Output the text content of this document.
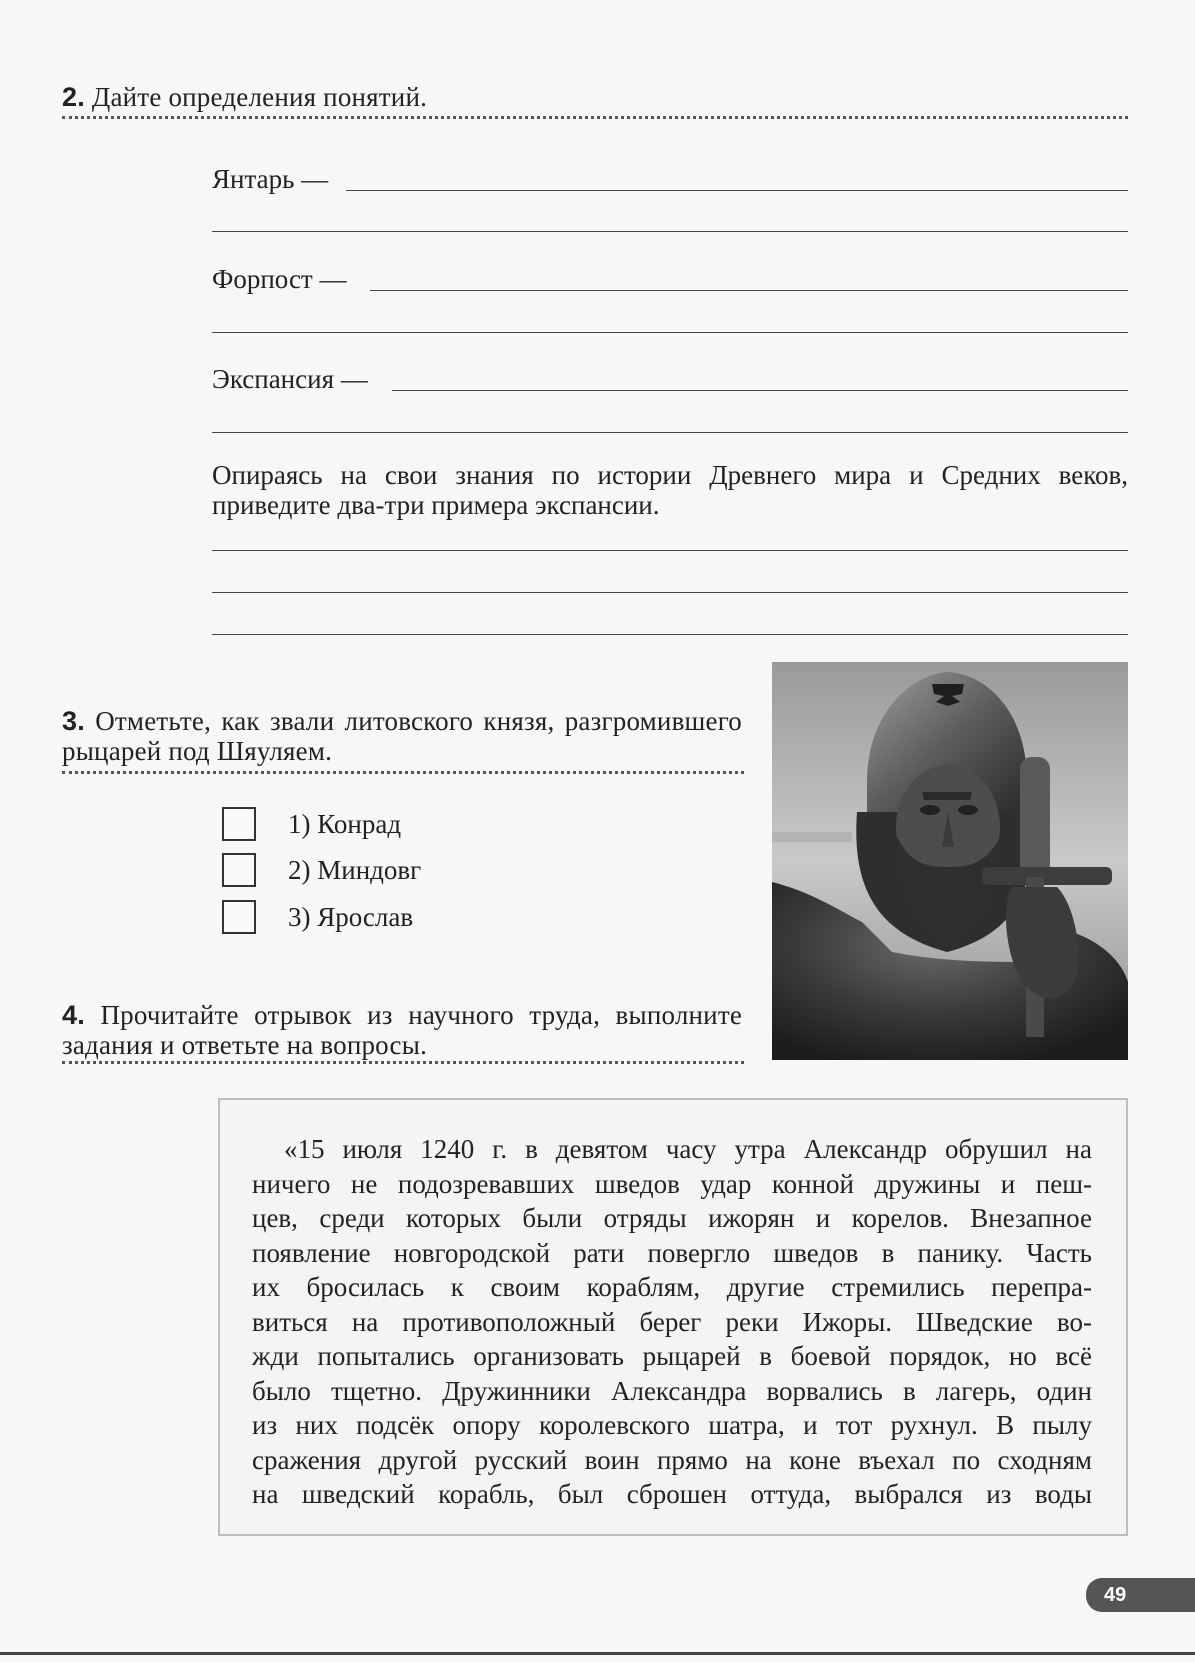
2. Дайте определения понятий.
Янтарь —
Форпост —
Экспансия —
Опираясь на свои знания по истории Древнего мира и Средних веков, приведите два-три примера экспансии.
3. Отметьте, как звали литовского князя, разгромившего рыцарей под Шяуляем.
1) Конрад
2) Миндовг
3) Ярослав
4. Прочитайте отрывок из научного труда, выполните задания и ответьте на вопросы.
«15 июля 1240 г. в девятом часу утра Александр обрушил на
ничего не подозревавших шведов удар конной дружины и пеш-
цев, среди которых были отряды ижорян и корелов. Внезапное
появление новгородской рати повергло шведов в панику. Часть
их бросилась к своим кораблям, другие стремились перепра-
виться на противоположный берег реки Ижоры. Шведские во-
жди попытались организовать рыцарей в боевой порядок, но всё
было тщетно. Дружинники Александра ворвались в лагерь, один
из них подсёк опору королевского шатра, и тот рухнул. В пылу
сражения другой русский воин прямо на коне въехал по сходням
на шведский корабль, был сброшен оттуда, выбрался из воды
49
